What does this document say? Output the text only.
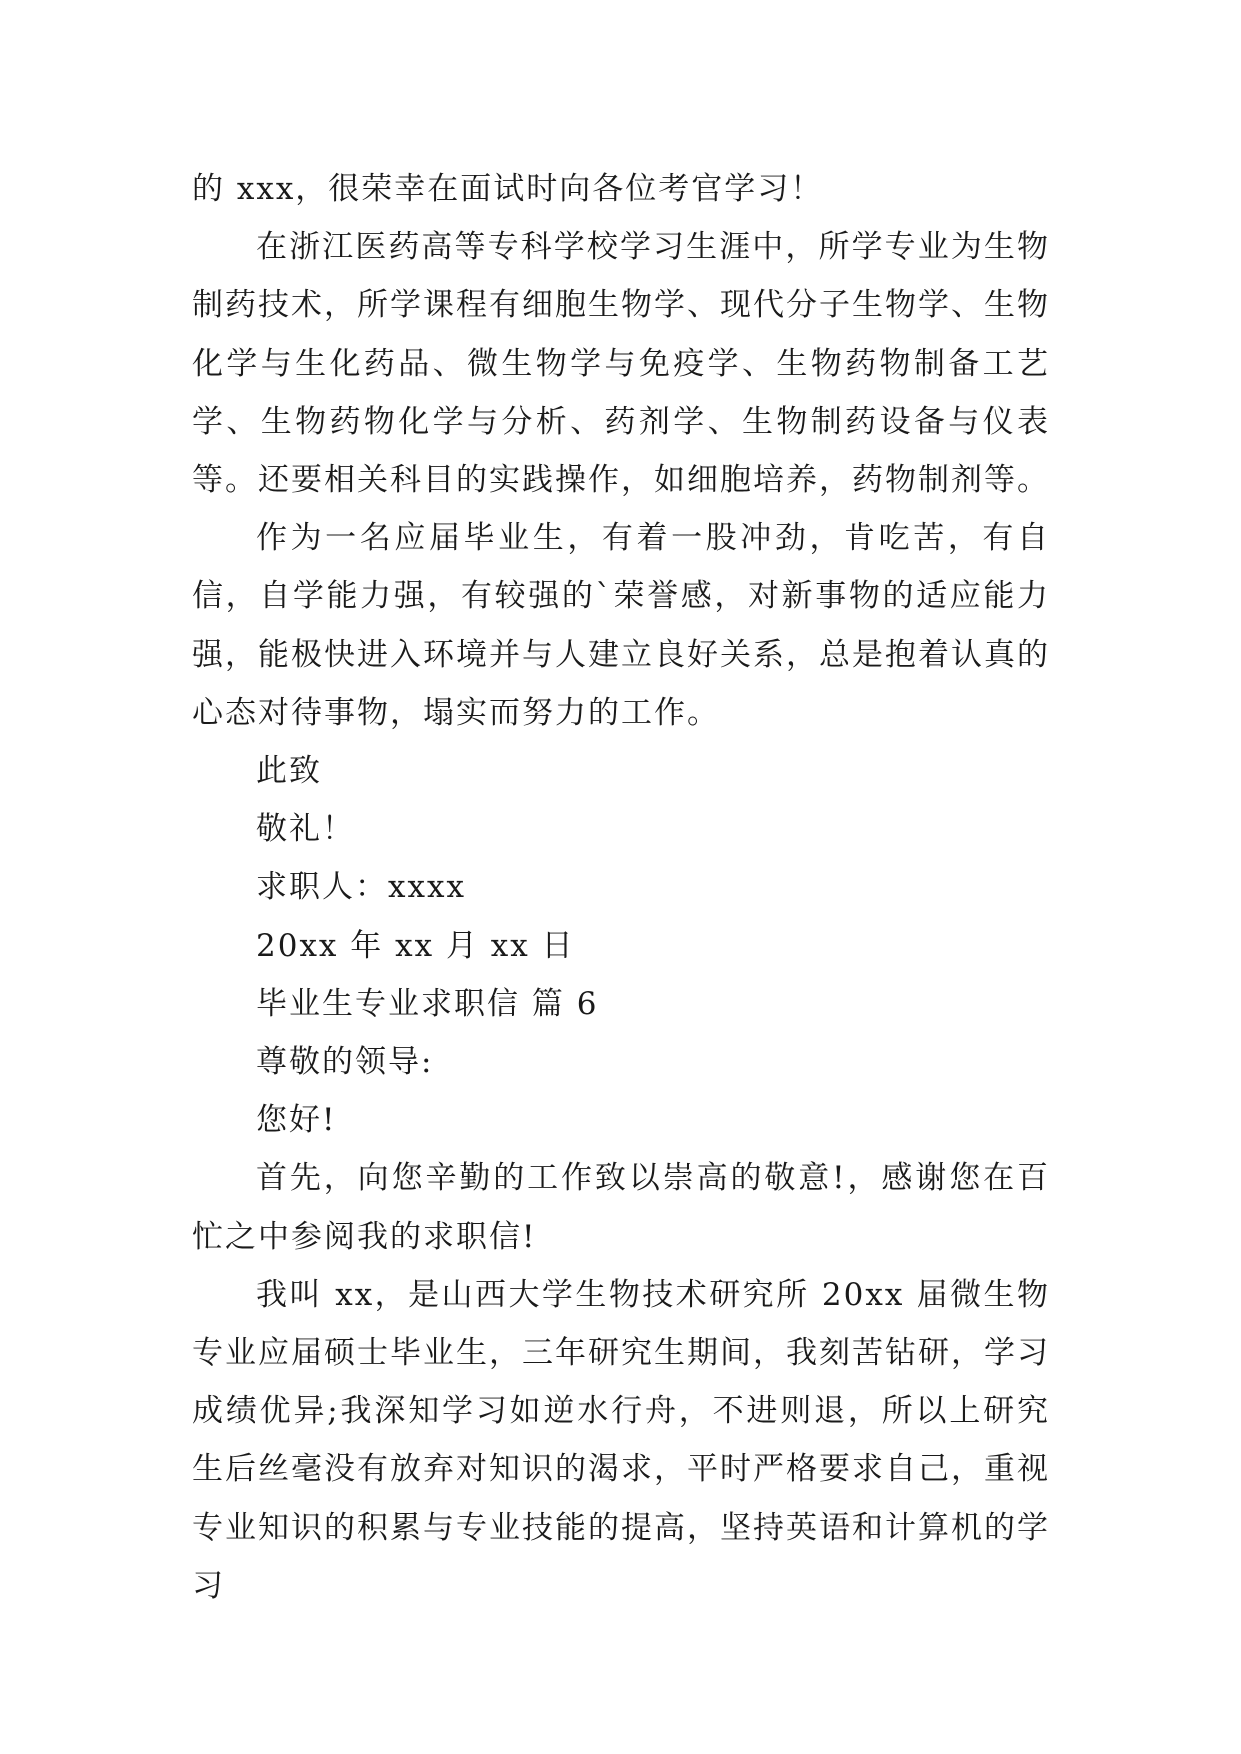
的 xxx，很荣幸在面试时向各位考官学习！

在浙江医药高等专科学校学习生涯中，所学专业为生物制药技术，所学课程有细胞生物学、现代分子生物学、生物化学与生化药品、微生物学与免疫学、生物药物制备工艺学、生物药物化学与分析、药剂学、生物制药设备与仪表等。还要相关科目的实践操作，如细胞培养，药物制剂等。

作为一名应届毕业生，有着一股冲劲，肯吃苦，有自信，自学能力强，有较强的`荣誉感，对新事物的适应能力强，能极快进入环境并与人建立良好关系，总是抱着认真的心态对待事物，塌实而努力的工作。

此致

敬礼！

求职人：xxxx

20xx 年 xx 月 xx 日

毕业生专业求职信 篇 6

尊敬的领导:

您好!

首先，向您辛勤的工作致以崇高的敬意!，感谢您在百忙之中参阅我的求职信!

我叫 xx，是山西大学生物技术研究所 20xx 届微生物专业应届硕士毕业生，三年研究生期间，我刻苦钻研，学习成绩优异;我深知学习如逆水行舟，不进则退，所以上研究生后丝毫没有放弃对知识的渴求，平时严格要求自己，重视专业知识的积累与专业技能的提高，坚持英语和计算机的学习
